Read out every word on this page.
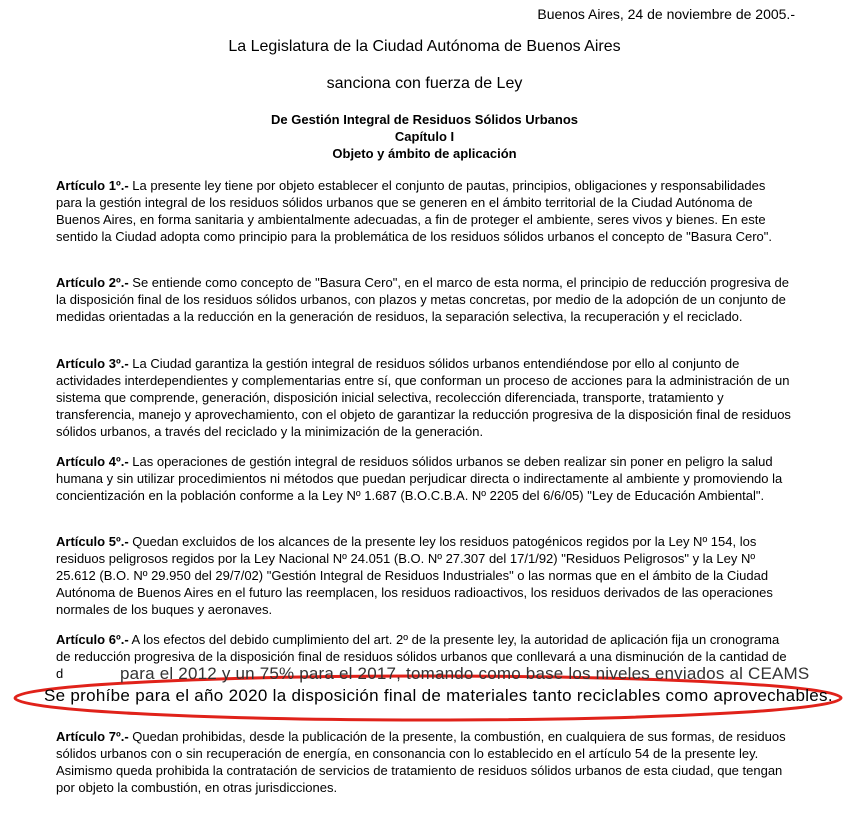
Buenos Aires, 24 de noviembre de 2005.-
La Legislatura de la Ciudad Autónoma de Buenos Aires
sanciona con fuerza de Ley
De Gestión Integral de Residuos Sólidos Urbanos
Capítulo I
Objeto y ámbito de aplicación
Artículo 1º.- La presente ley tiene por objeto establecer el conjunto de pautas, principios, obligaciones y responsabilidades para la gestión integral de los residuos sólidos urbanos que se generen en el ámbito territorial de la Ciudad Autónoma de Buenos Aires, en forma sanitaria y ambientalmente adecuadas, a fin de proteger el ambiente, seres vivos y bienes. En este sentido la Ciudad adopta como principio para la problemática de los residuos sólidos urbanos el concepto de "Basura Cero".
Artículo 2º.- Se entiende como concepto de "Basura Cero", en el marco de esta norma, el principio de reducción progresiva de la disposición final de los residuos sólidos urbanos, con plazos y metas concretas, por medio de la adopción de un conjunto de medidas orientadas a la reducción en la generación de residuos, la separación selectiva, la recuperación y el reciclado.
Artículo 3º.- La Ciudad garantiza la gestión integral de residuos sólidos urbanos entendiéndose por ello al conjunto de actividades interdependientes y complementarias entre sí, que conforman un proceso de acciones para la administración de un sistema que comprende, generación, disposición inicial selectiva, recolección diferenciada, transporte, tratamiento y transferencia, manejo y aprovechamiento, con el objeto de garantizar la reducción progresiva de la disposición final de residuos sólidos urbanos, a través del reciclado y la minimización de la generación.
Artículo 4º.- Las operaciones de gestión integral de residuos sólidos urbanos se deben realizar sin poner en peligro la salud humana y sin utilizar procedimientos ni métodos que puedan perjudicar directa o indirectamente al ambiente y promoviendo la concientización en la población conforme a la Ley Nº 1.687 (B.O.C.B.A. Nº 2205 del 6/6/05) "Ley de Educación Ambiental".
Artículo 5º.- Quedan excluidos de los alcances de la presente ley los residuos patogénicos regidos por la Ley Nº 154, los residuos peligrosos regidos por la Ley Nacional Nº 24.051 (B.O. Nº 27.307 del 17/1/92) "Residuos Peligrosos" y la Ley Nº 25.612 (B.O. Nº 29.950 del 29/7/02) "Gestión Integral de Residuos Industriales" o las normas que en el ámbito de la Ciudad Autónoma de Buenos Aires en el futuro las reemplacen, los residuos radioactivos, los residuos derivados de las operaciones normales de los buques y aeronaves.
Artículo 6º.- A los efectos del debido cumplimiento del art. 2º de la presente ley, la autoridad de aplicación fija un cronograma de reducción progresiva de la disposición final de residuos sólidos urbanos que conllevará a una disminución de la cantidad de d	para el 2012 y un 75% para el 2017, tomando como base los niveles enviados al CEAMS
Se prohíbe para el año 2020 la disposición final de materiales tanto reciclables como aprovechables.
Artículo 7º.- Quedan prohibidas, desde la publicación de la presente, la combustión, en cualquiera de sus formas, de residuos sólidos urbanos con o sin recuperación de energía, en consonancia con lo establecido en el artículo 54 de la presente ley.
Asimismo queda prohibida la contratación de servicios de tratamiento de residuos sólidos urbanos de esta ciudad, que tengan por objeto la combustión, en otras jurisdicciones.
